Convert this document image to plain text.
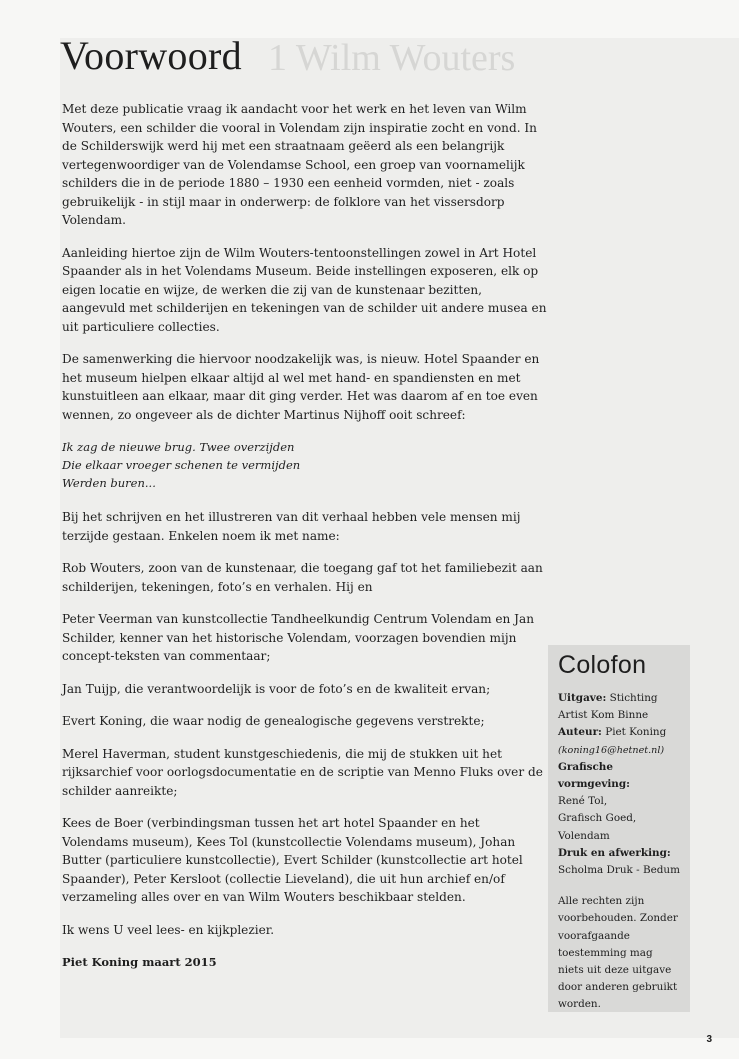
1 Wilm Wouters
Voorwoord

Met deze publicatie vraag ik aandacht voor het werk en het leven van Wilm Wouters, een schilder die vooral in Volendam zijn inspiratie zocht en vond. In de Schilderswijk werd hij met een straatnaam geëerd als een belangrijk vertegenwoordiger van de Volendamse School, een groep van voornamelijk schilders die in de periode 1880 – 1930 een eenheid vormden, niet - zoals gebruikelijk - in stijl maar in onderwerp: de folklore van het vissersdorp Volendam.

Aanleiding hiertoe zijn de Wilm Wouters-tentoonstellingen zowel in Art Hotel Spaander als in het Volendams Museum. Beide instellingen exposeren, elk op eigen locatie en wijze, de werken die zij van de kunstenaar bezitten, aangevuld met schilderijen en tekeningen van de schilder uit andere musea en uit particuliere collecties.

De samenwerking die hiervoor noodzakelijk was, is nieuw. Hotel Spaander en het museum hielpen elkaar altijd al wel met hand- en spandiensten en met kunstuitleen aan elkaar, maar dit ging verder. Het was daarom af en toe even wennen, zo ongeveer als de dichter Martinus Nijhoff ooit schreef:

Ik zag de nieuwe brug. Twee overzijden
Die elkaar vroeger schenen te vermijden
Werden buren...

Bij het schrijven en het illustreren van dit verhaal hebben vele mensen mij terzijde gestaan. Enkelen noem ik met name:

Rob Wouters, zoon van de kunstenaar, die toegang gaf tot het familiebezit aan schilderijen, tekeningen, foto’s en verhalen. Hij en

Peter Veerman van kunstcollectie Tandheelkundig Centrum Volendam en Jan Schilder, kenner van het historische Volendam, voorzagen bovendien mijn concept-teksten van commentaar;

Jan Tuijp, die verantwoordelijk is voor de foto’s en de kwaliteit ervan;

Evert Koning, die waar nodig de genealogische gegevens verstrekte;

Merel Haverman, student kunstgeschiedenis, die mij de stukken uit het rijksarchief voor oorlogsdocumentatie en de scriptie van Menno Fluks over de schilder aanreikte;

Kees de Boer (verbindingsman tussen het art hotel Spaander en het Volendams museum), Kees Tol (kunstcollectie Volendams museum), Johan Butter (particuliere kunstcollectie), Evert Schilder (kunstcollectie art hotel Spaander), Peter Kersloot (collectie Lieveland), die uit hun archief en/of verzameling alles over en van Wilm Wouters beschikbaar stelden.

Ik wens U veel lees- en kijkplezier.

Piet Koning maart 2015

Colofon
Uitgave: Stichting
Artist Kom Binne
Auteur: Piet Koning
(koning16@hetnet.nl)
Grafische vormgeving:
René Tol,
Grafisch Goed,
Volendam
Druk en afwerking:
Scholma Druk - Bedum
Alle rechten zijn voorbehouden. Zonder voorafgaande toestemming mag niets uit deze uitgave door anderen gebruikt worden.
3
